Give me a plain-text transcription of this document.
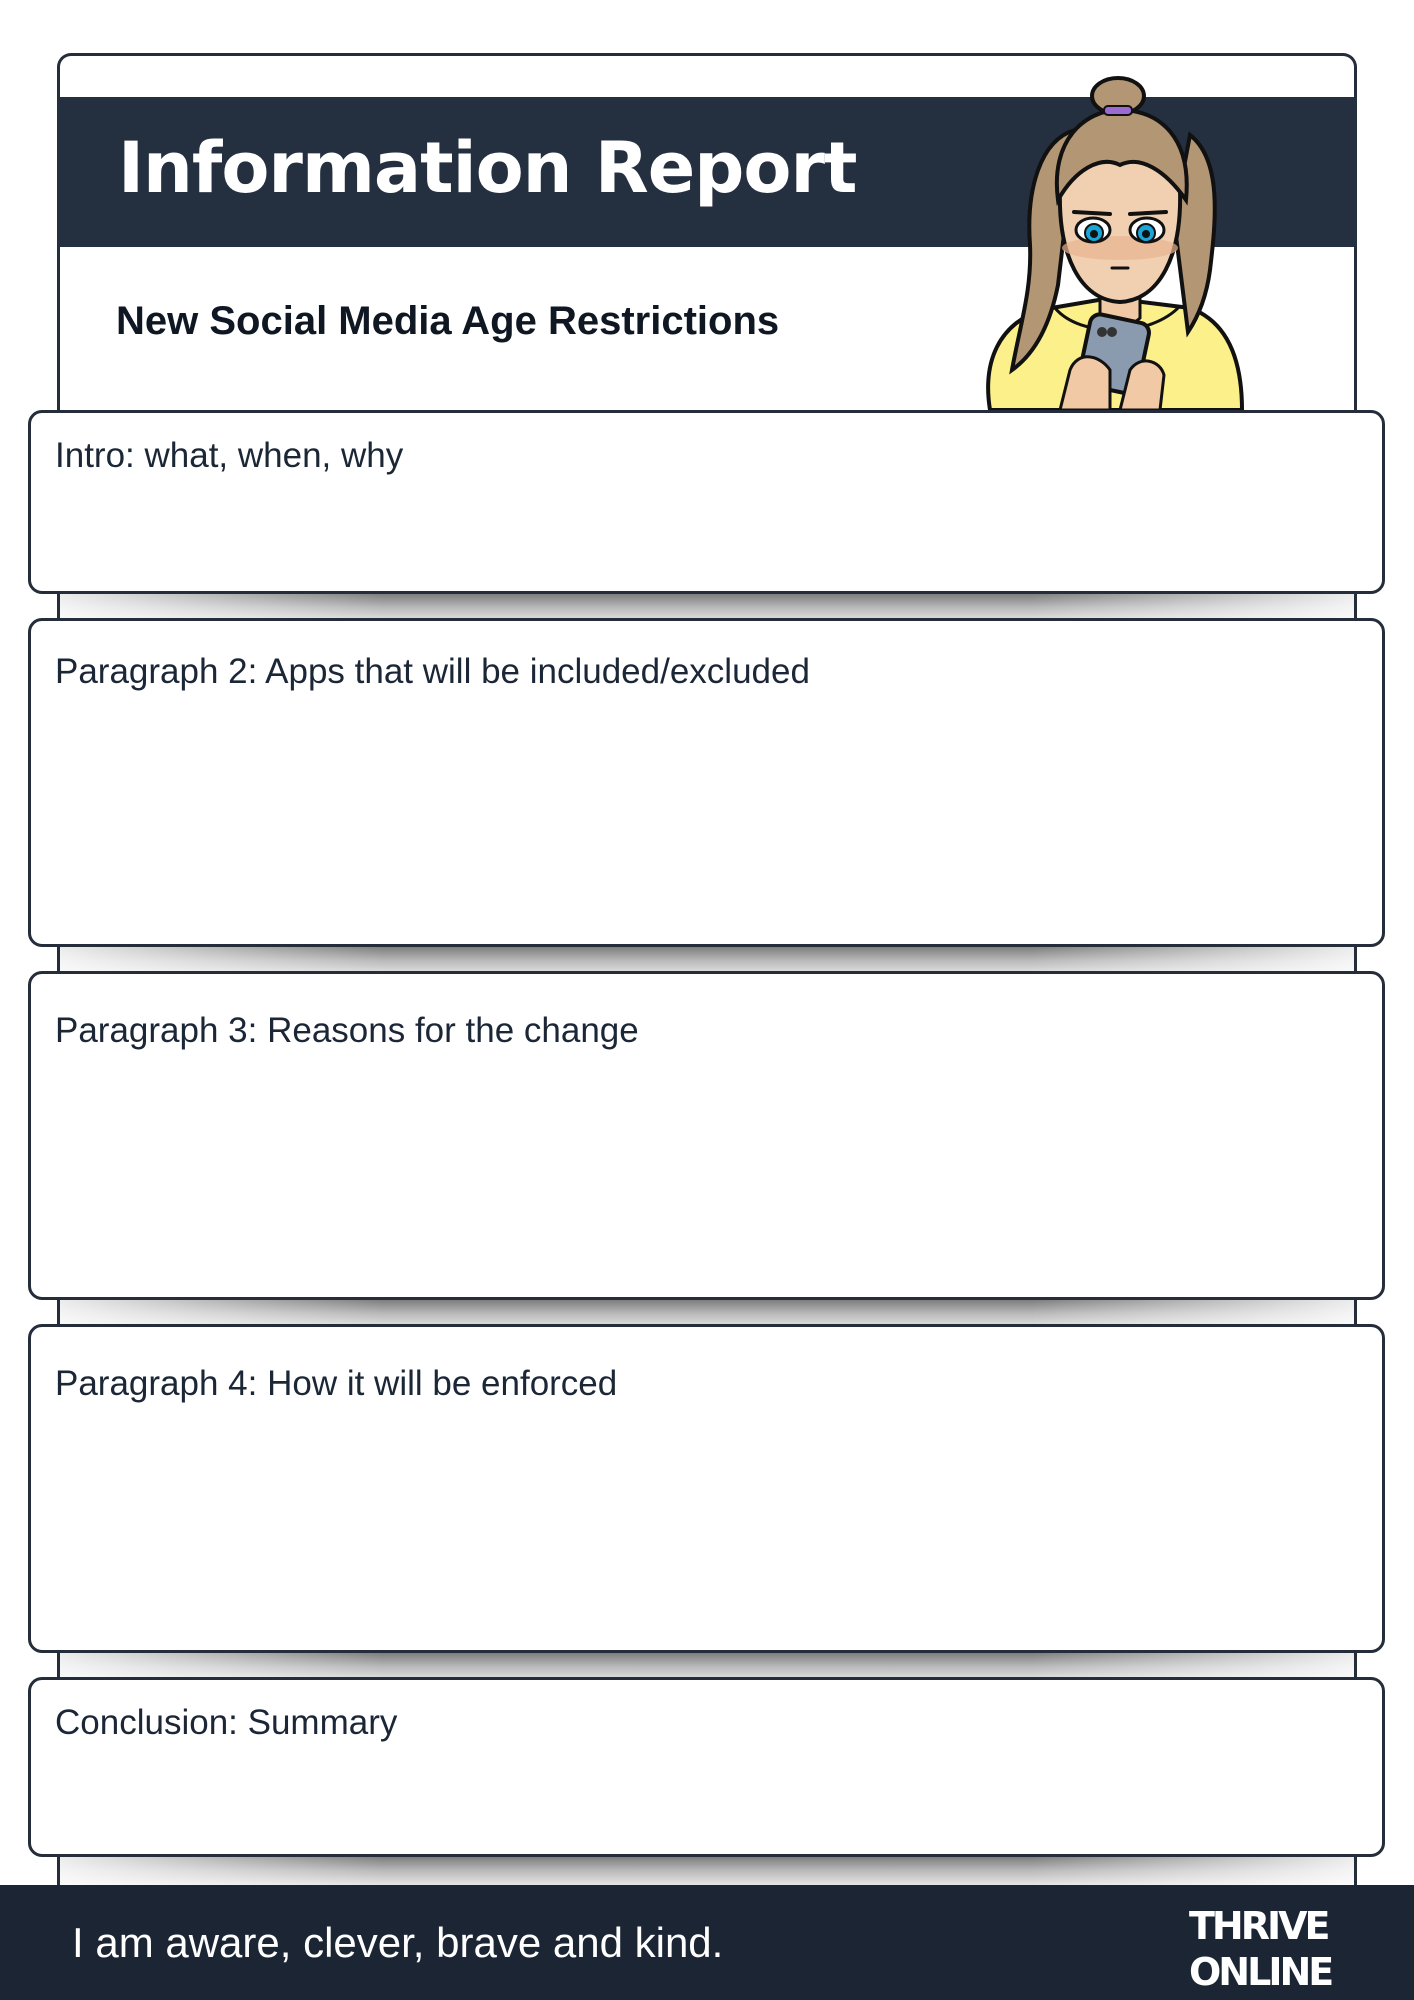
Information Report
New Social Media Age Restrictions
Intro: what, when, why
Paragraph 2: Apps that will be included/excluded
Paragraph 3: Reasons for the change
Paragraph 4: How it will be enforced
Conclusion: Summary
I am aware, clever, brave and kind.	THRIVE
ONLINE
